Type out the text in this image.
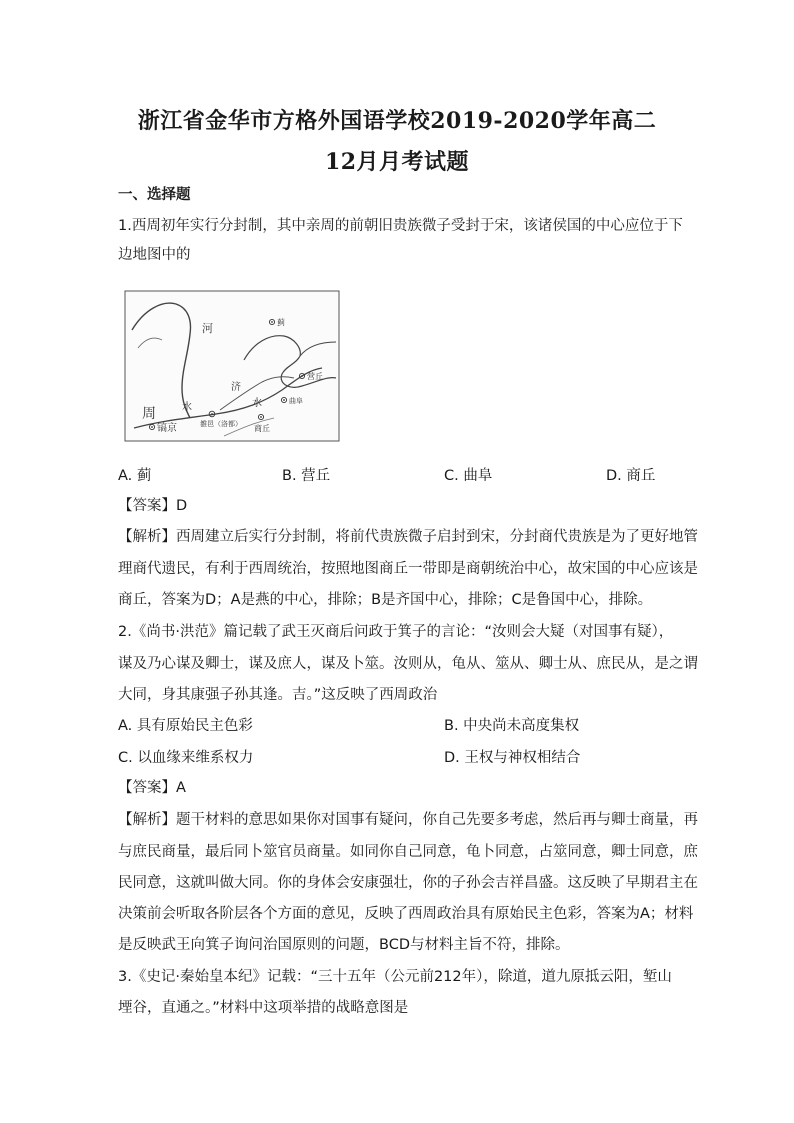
浙江省金华市方格外国语学校2019-2020学年高二
12月月考试题
一、选择题
1.西周初年实行分封制，其中亲周的前朝旧贵族微子受封于宋，该诸侯国的中心应位于下
边地图中的
河	蓟
营丘
济
水	水	曲阜
周
镐京	雒邑（洛都） 商丘
A. 蓟	B. 营丘	C. 曲阜	D. 商丘
【答案】D
【解析】西周建立后实行分封制，将前代贵族微子启封到宋，分封商代贵族是为了更好地管
理商代遗民，有利于西周统治，按照地图商丘一带即是商朝统治中心，故宋国的中心应该是
商丘，答案为D；A是燕的中心，排除；B是齐国中心，排除；C是鲁国中心，排除。
2.《尚书·洪范》篇记载了武王灭商后问政于箕子的言论：“汝则会大疑（对国事有疑），
谋及乃心谋及卿士，谋及庶人，谋及卜筮。汝则从，龟从、筮从、卿士从、庶民从，是之谓
大同，身其康强子孙其逢。吉。”这反映了西周政治
A. 具有原始民主色彩	B. 中央尚未高度集权
C. 以血缘来维系权力	D. 王权与神权相结合
【答案】A
【解析】题干材料的意思如果你对国事有疑问，你自己先要多考虑，然后再与卿士商量，再
与庶民商量，最后同卜筮官员商量。如同你自己同意，龟卜同意，占筮同意，卿士同意，庶
民同意，这就叫做大同。你的身体会安康强壮，你的子孙会吉祥昌盛。这反映了早期君主在
决策前会听取各阶层各个方面的意见，反映了西周政治具有原始民主色彩，答案为A；材料
是反映武王向箕子询问治国原则的问题，BCD与材料主旨不符，排除。
3.《史记·秦始皇本纪》记载：“三十五年（公元前212年），除道，道九原抵云阳，堑山
堙谷，直通之。”材料中这项举措的战略意图是
